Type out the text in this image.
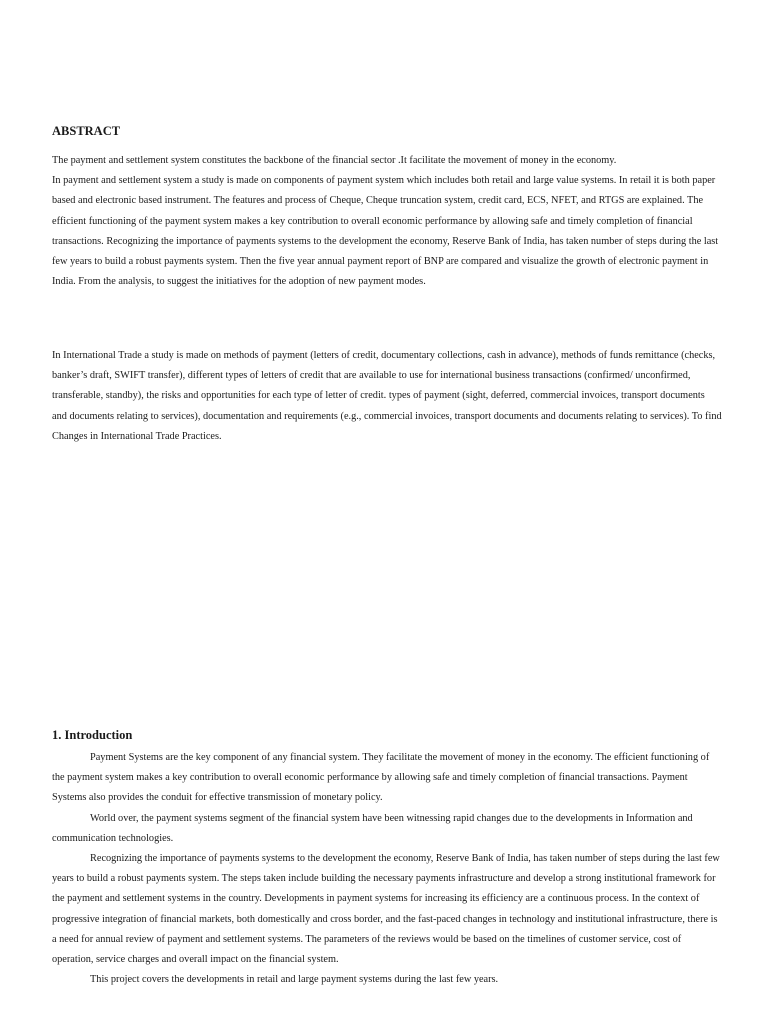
ABSTRACT

The payment and settlement system constitutes the backbone of the financial sector .It facilitate the movement of money in the economy.

In payment and settlement system a study is made on components of payment system which includes both retail and large value systems. In retail it is both paper based and electronic based instrument. The features and process of Cheque, Cheque truncation system, credit card, ECS, NFET, and RTGS are explained. The efficient functioning of the payment system makes a key contribution to overall economic performance by allowing safe and timely completion of financial transactions. Recognizing the importance of payments systems to the development the economy, Reserve Bank of India, has taken number of steps during the last few years to build a robust payments system. Then the five year annual payment report of BNP are compared and visualize the growth of electronic payment in India. From the analysis, to suggest the initiatives for the adoption of new payment modes.

In International Trade a study is made on methods of payment (letters of credit, documentary collections, cash in advance), methods of funds remittance (checks, banker’s draft, SWIFT transfer), different types of letters of credit that are available to use for international business transactions (confirmed/ unconfirmed, transferable, standby), the risks and opportunities for each type of letter of credit. types of payment (sight, deferred, commercial invoices, transport documents and documents relating to services), documentation and requirements (e.g., commercial invoices, transport documents and documents relating to services). To find Changes in International Trade Practices.

1. Introduction

Payment Systems are the key component of any financial system. They facilitate the movement of money in the economy. The efficient functioning of the payment system makes a key contribution to overall economic performance by allowing safe and timely completion of financial transactions. Payment Systems also provides the conduit for effective transmission of monetary policy.

World over, the payment systems segment of the financial system have been witnessing rapid changes due to the developments in Information and communication technologies.

Recognizing the importance of payments systems to the development the economy, Reserve Bank of India, has taken number of steps during the last few years to build a robust payments system. The steps taken include building the necessary payments infrastructure and develop a strong institutional framework for the payment and settlement systems in the country. Developments in payment systems for increasing its efficiency are a continuous process. In the context of progressive integration of financial markets, both domestically and cross border, and the fast-paced changes in technology and institutional infrastructure, there is a need for annual review of payment and settlement systems. The parameters of the reviews would be based on the timelines of customer service, cost of operation, service charges and overall impact on the financial system.

This project covers the developments in retail and large payment systems during the last few years.
